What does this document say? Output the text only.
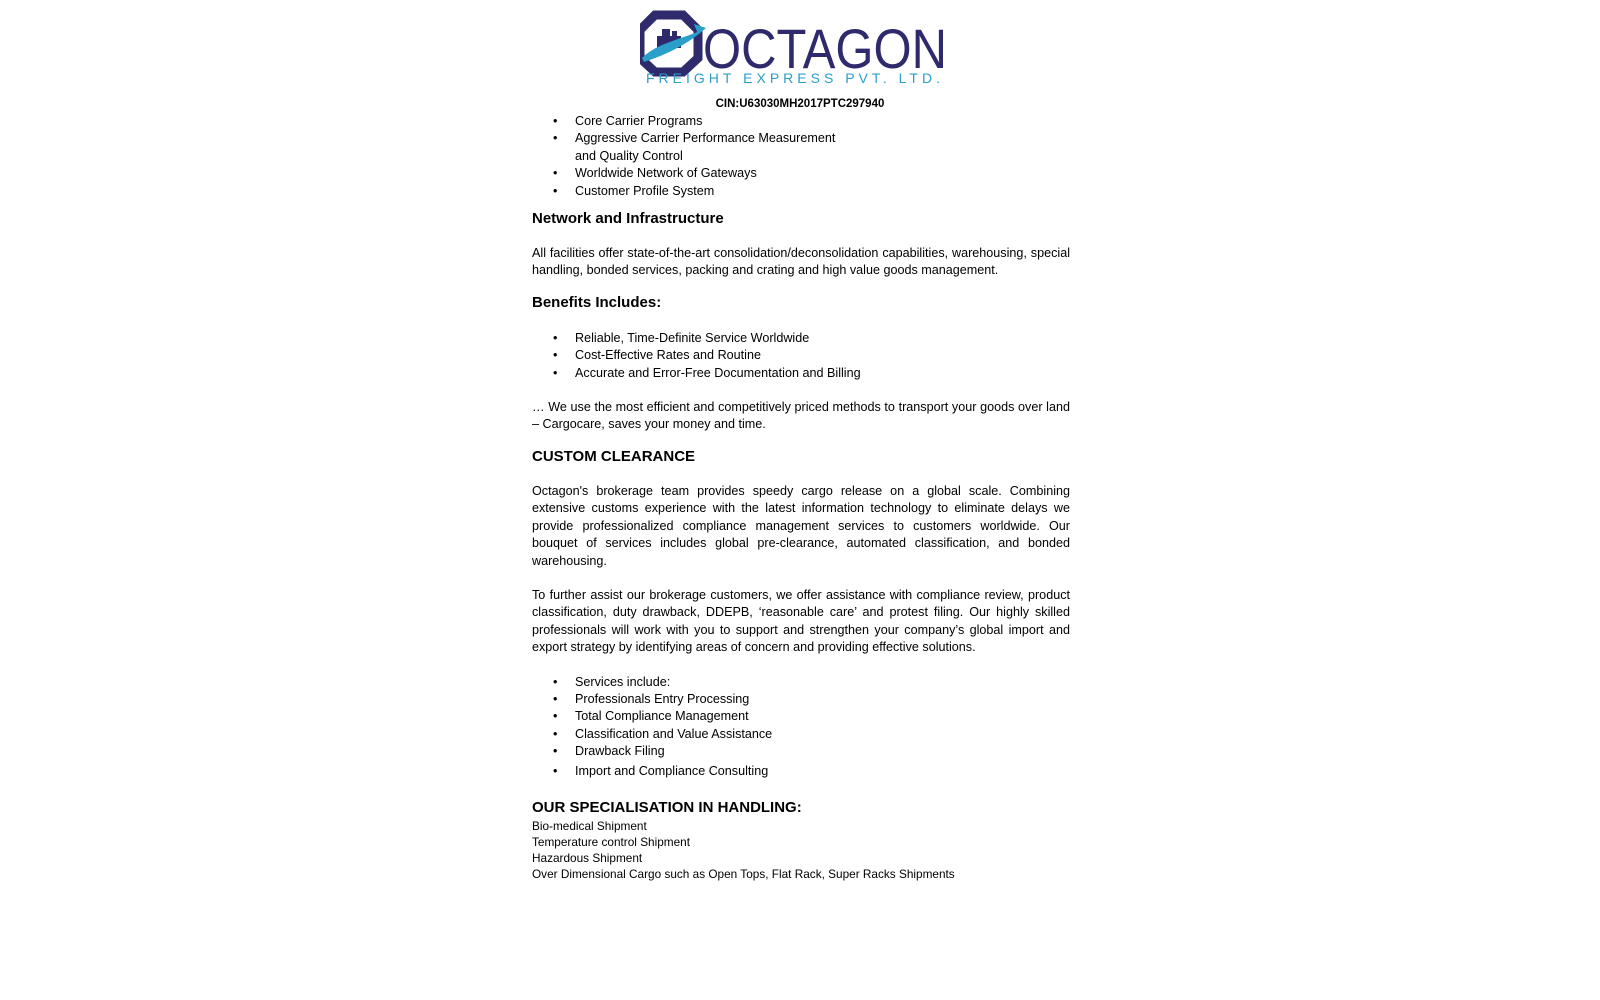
OCTAGON
FREIGHT EXPRESS PVT. LTD.
CIN:U63030MH2017PTC297940
• Core Carrier Programs
• Aggressive Carrier Performance Measurement
and Quality Control
• Worldwide Network of Gateways
• Customer Profile System
Network and Infrastructure

All facilities offer state-of-the-art consolidation/deconsolidation capabilities, warehousing, special handling, bonded services, packing and crating and high value goods management.

Benefits Includes:
• Reliable, Time-Definite Service Worldwide
• Cost-Effective Rates and Routine
• Accurate and Error-Free Documentation and Billing

… We use the most efficient and competitively priced methods to transport your goods over land – Cargocare, saves your money and time.

CUSTOM CLEARANCE

Octagon's brokerage team provides speedy cargo release on a global scale. Combining extensive customs experience with the latest information technology to eliminate delays we provide professionalized compliance management services to customers worldwide. Our bouquet of services includes global pre-clearance, automated classification, and bonded warehousing.

To further assist our brokerage customers, we offer assistance with compliance review, product classification, duty drawback, DDEPB, ‘reasonable care’ and protest filing. Our highly skilled professionals will work with you to support and strengthen your company’s global import and export strategy by identifying areas of concern and providing effective solutions.

• Services include:
• Professionals Entry Processing
• Total Compliance Management
• Classification and Value Assistance
• Drawback Filing
• Import and Compliance Consulting
OUR SPECIALISATION IN HANDLING:
Bio-medical Shipment
Temperature control Shipment
Hazardous Shipment
Over Dimensional Cargo such as Open Tops, Flat Rack, Super Racks Shipments
